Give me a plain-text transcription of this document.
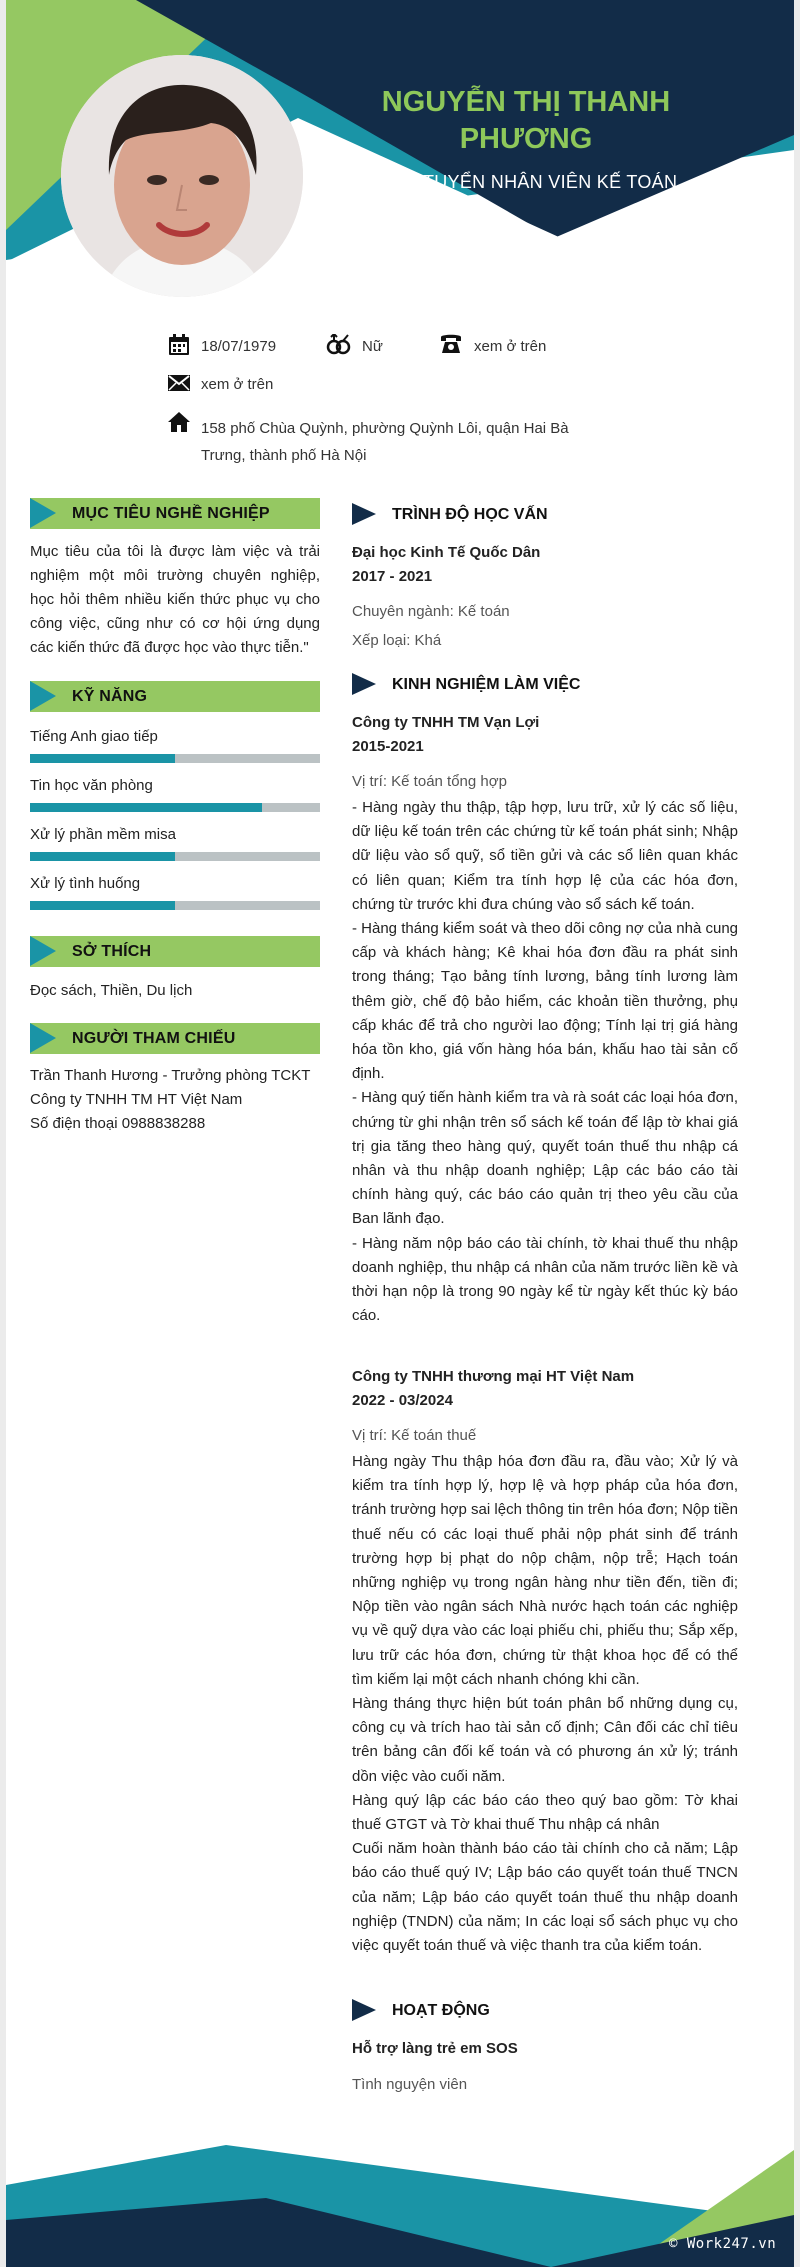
NGUYỄN THỊ THANH PHƯƠNG
ỨNG TUYỂN NHÂN VIÊN KẾ TOÁN
18/07/1979	Nữ	xem ở trên
xem ở trên
158 phố Chùa Quỳnh, phường Quỳnh Lôi, quận Hai Bà Trưng, thành phố Hà Nội
MỤC TIÊU NGHỀ NGHIỆP
Mục tiêu của tôi là được làm việc và trải nghiệm một môi trường chuyên nghiệp, học hỏi thêm nhiều kiến thức phục vụ cho công việc, cũng như có cơ hội ứng dụng các kiến thức đã được học vào thực tiễn."
KỸ NĂNG
Tiếng Anh giao tiếp
Tin học văn phòng
Xử lý phần mềm misa
Xử lý tình huống
SỞ THÍCH
Đọc sách, Thiền, Du lịch
NGƯỜI THAM CHIẾU
Trần Thanh Hương - Trưởng phòng TCKT
Công ty TNHH TM HT Việt Nam
Số điện thoại 0988838288
TRÌNH ĐỘ HỌC VẤN
Đại học Kinh Tế Quốc Dân
2017 - 2021
Chuyên ngành: Kế toán
Xếp loại: Khá
KINH NGHIỆM LÀM VIỆC
Công ty TNHH TM Vạn Lợi
2015-2021
Vị trí: Kế toán tổng hợp

- Hàng ngày thu thập, tập hợp, lưu trữ, xử lý các số liệu, dữ liệu kế toán trên các chứng từ kế toán phát sinh; Nhập dữ liệu vào sổ quỹ, sổ tiền gửi và các sổ liên quan khác có liên quan; Kiểm tra tính hợp lệ của các hóa đơn, chứng từ trước khi đưa chúng vào sổ sách kế toán.

- Hàng tháng kiểm soát và theo dõi công nợ của nhà cung cấp và khách hàng; Kê khai hóa đơn đầu ra phát sinh trong tháng; Tạo bảng tính lương, bảng tính lương làm thêm giờ, chế độ bảo hiểm, các khoản tiền thưởng, phụ cấp khác để trả cho người lao động; Tính lại trị giá hàng hóa tồn kho, giá vốn hàng hóa bán, khấu hao tài sản cố định.

- Hàng quý tiến hành kiểm tra và rà soát các loại hóa đơn, chứng từ ghi nhận trên sổ sách kế toán để lập tờ khai giá trị gia tăng theo hàng quý, quyết toán thuế thu nhập cá nhân và thu nhập doanh nghiệp; Lập các báo cáo tài chính hàng quý, các báo cáo quản trị theo yêu cầu của Ban lãnh đạo.

- Hàng năm nộp báo cáo tài chính, tờ khai thuế thu nhập doanh nghiệp, thu nhập cá nhân của năm trước liền kề và thời hạn nộp là trong 90 ngày kể từ ngày kết thúc kỳ báo cáo.

Công ty TNHH thương mại HT Việt Nam
2022 - 03/2024
Vị trí: Kế toán thuế

Hàng ngày Thu thập hóa đơn đầu ra, đầu vào; Xử lý và kiểm tra tính hợp lý, hợp lệ và hợp pháp của hóa đơn, tránh trường hợp sai lệch thông tin trên hóa đơn; Nộp tiền thuế nếu có các loại thuế phải nộp phát sinh để tránh trường hợp bị phạt do nộp chậm, nộp trễ; Hạch toán những nghiệp vụ trong ngân hàng như tiền đến, tiền đi; Nộp tiền vào ngân sách Nhà nước hạch toán các nghiệp vụ về quỹ dựa vào các loại phiếu chi, phiếu thu; Sắp xếp, lưu trữ các hóa đơn, chứng từ thật khoa học để có thể tìm kiếm lại một cách nhanh chóng khi cần.

Hàng tháng thực hiện bút toán phân bổ những dụng cụ, công cụ và trích hao tài sản cố định; Cân đối các chỉ tiêu trên bảng cân đối kế toán và có phương án xử lý; tránh dồn việc vào cuối năm.

Hàng quý lập các báo cáo theo quý bao gồm: Tờ khai thuế GTGT và Tờ khai thuế Thu nhập cá nhân

Cuối năm hoàn thành báo cáo tài chính cho cả năm; Lập báo cáo thuế quý IV; Lập báo cáo quyết toán thuế TNCN của năm; Lập báo cáo quyết toán thuế thu nhập doanh nghiệp (TNDN) của năm; In các loại sổ sách phục vụ cho việc quyết toán thuế và việc thanh tra của kiểm toán.

HOẠT ĐỘNG
Hỗ trợ làng trẻ em SOS
Tình nguyện viên
© Work247.vn
